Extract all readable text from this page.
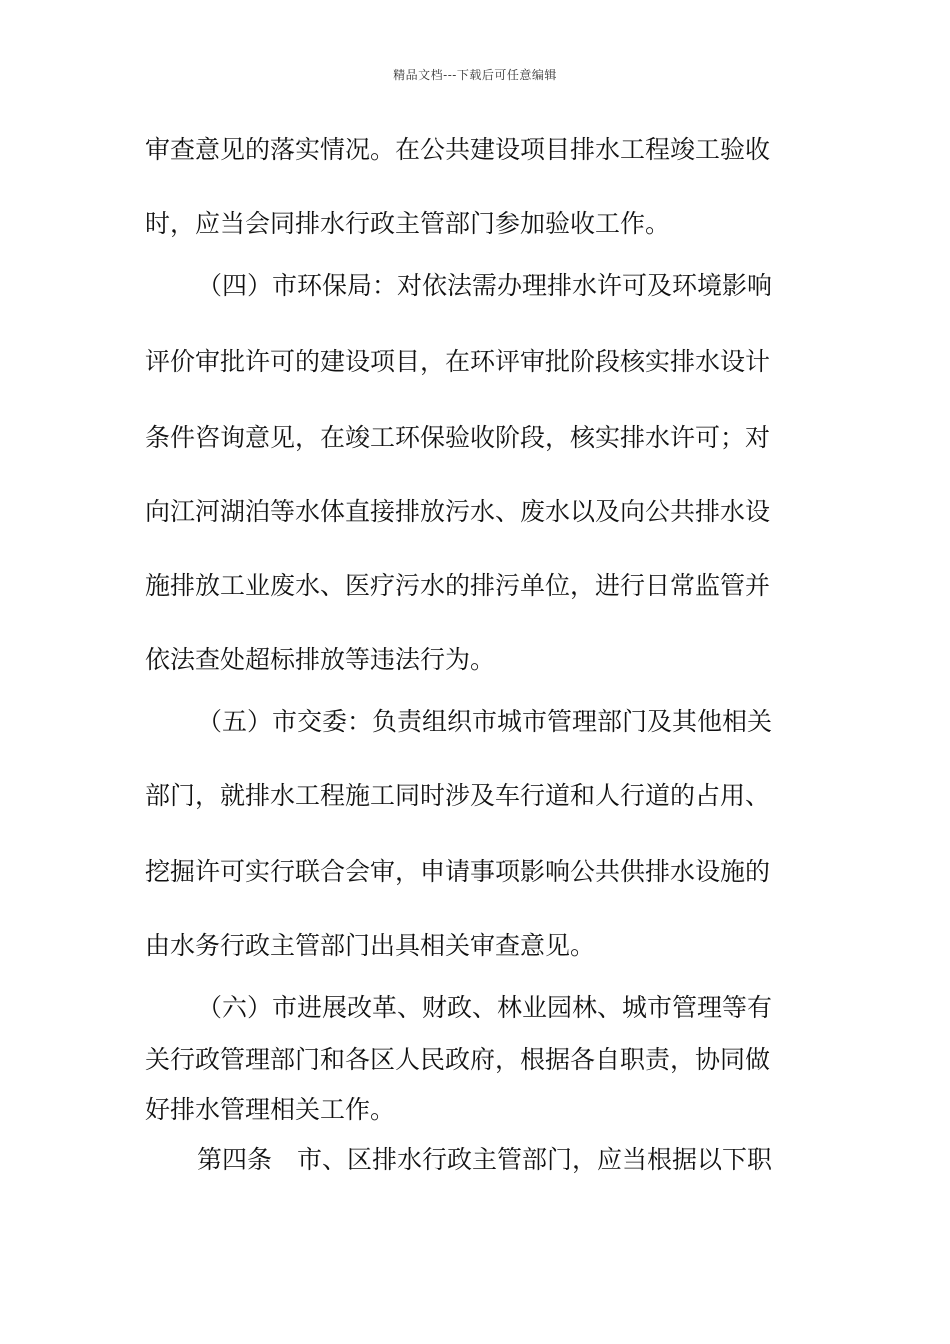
精品文档---下载后可任意编辑
审查意见的落实情况。在公共建设项目排水工程竣工验收
时，应当会同排水行政主管部门参加验收工作。
（四）市环保局：对依法需办理排水许可及环境影响
评价审批许可的建设项目，在环评审批阶段核实排水设计
条件咨询意见，在竣工环保验收阶段，核实排水许可；对
向江河湖泊等水体直接排放污水、废水以及向公共排水设
施排放工业废水、医疗污水的排污单位，进行日常监管并
依法查处超标排放等违法行为。
（五）市交委：负责组织市城市管理部门及其他相关
部门，就排水工程施工同时涉及车行道和人行道的占用、
挖掘许可实行联合会审，申请事项影响公共供排水设施的
由水务行政主管部门出具相关审查意见。
（六）市进展改革、财政、林业园林、城市管理等有
关行政管理部门和各区人民政府，根据各自职责，协同做
好排水管理相关工作。
第四条　市、区排水行政主管部门，应当根据以下职
